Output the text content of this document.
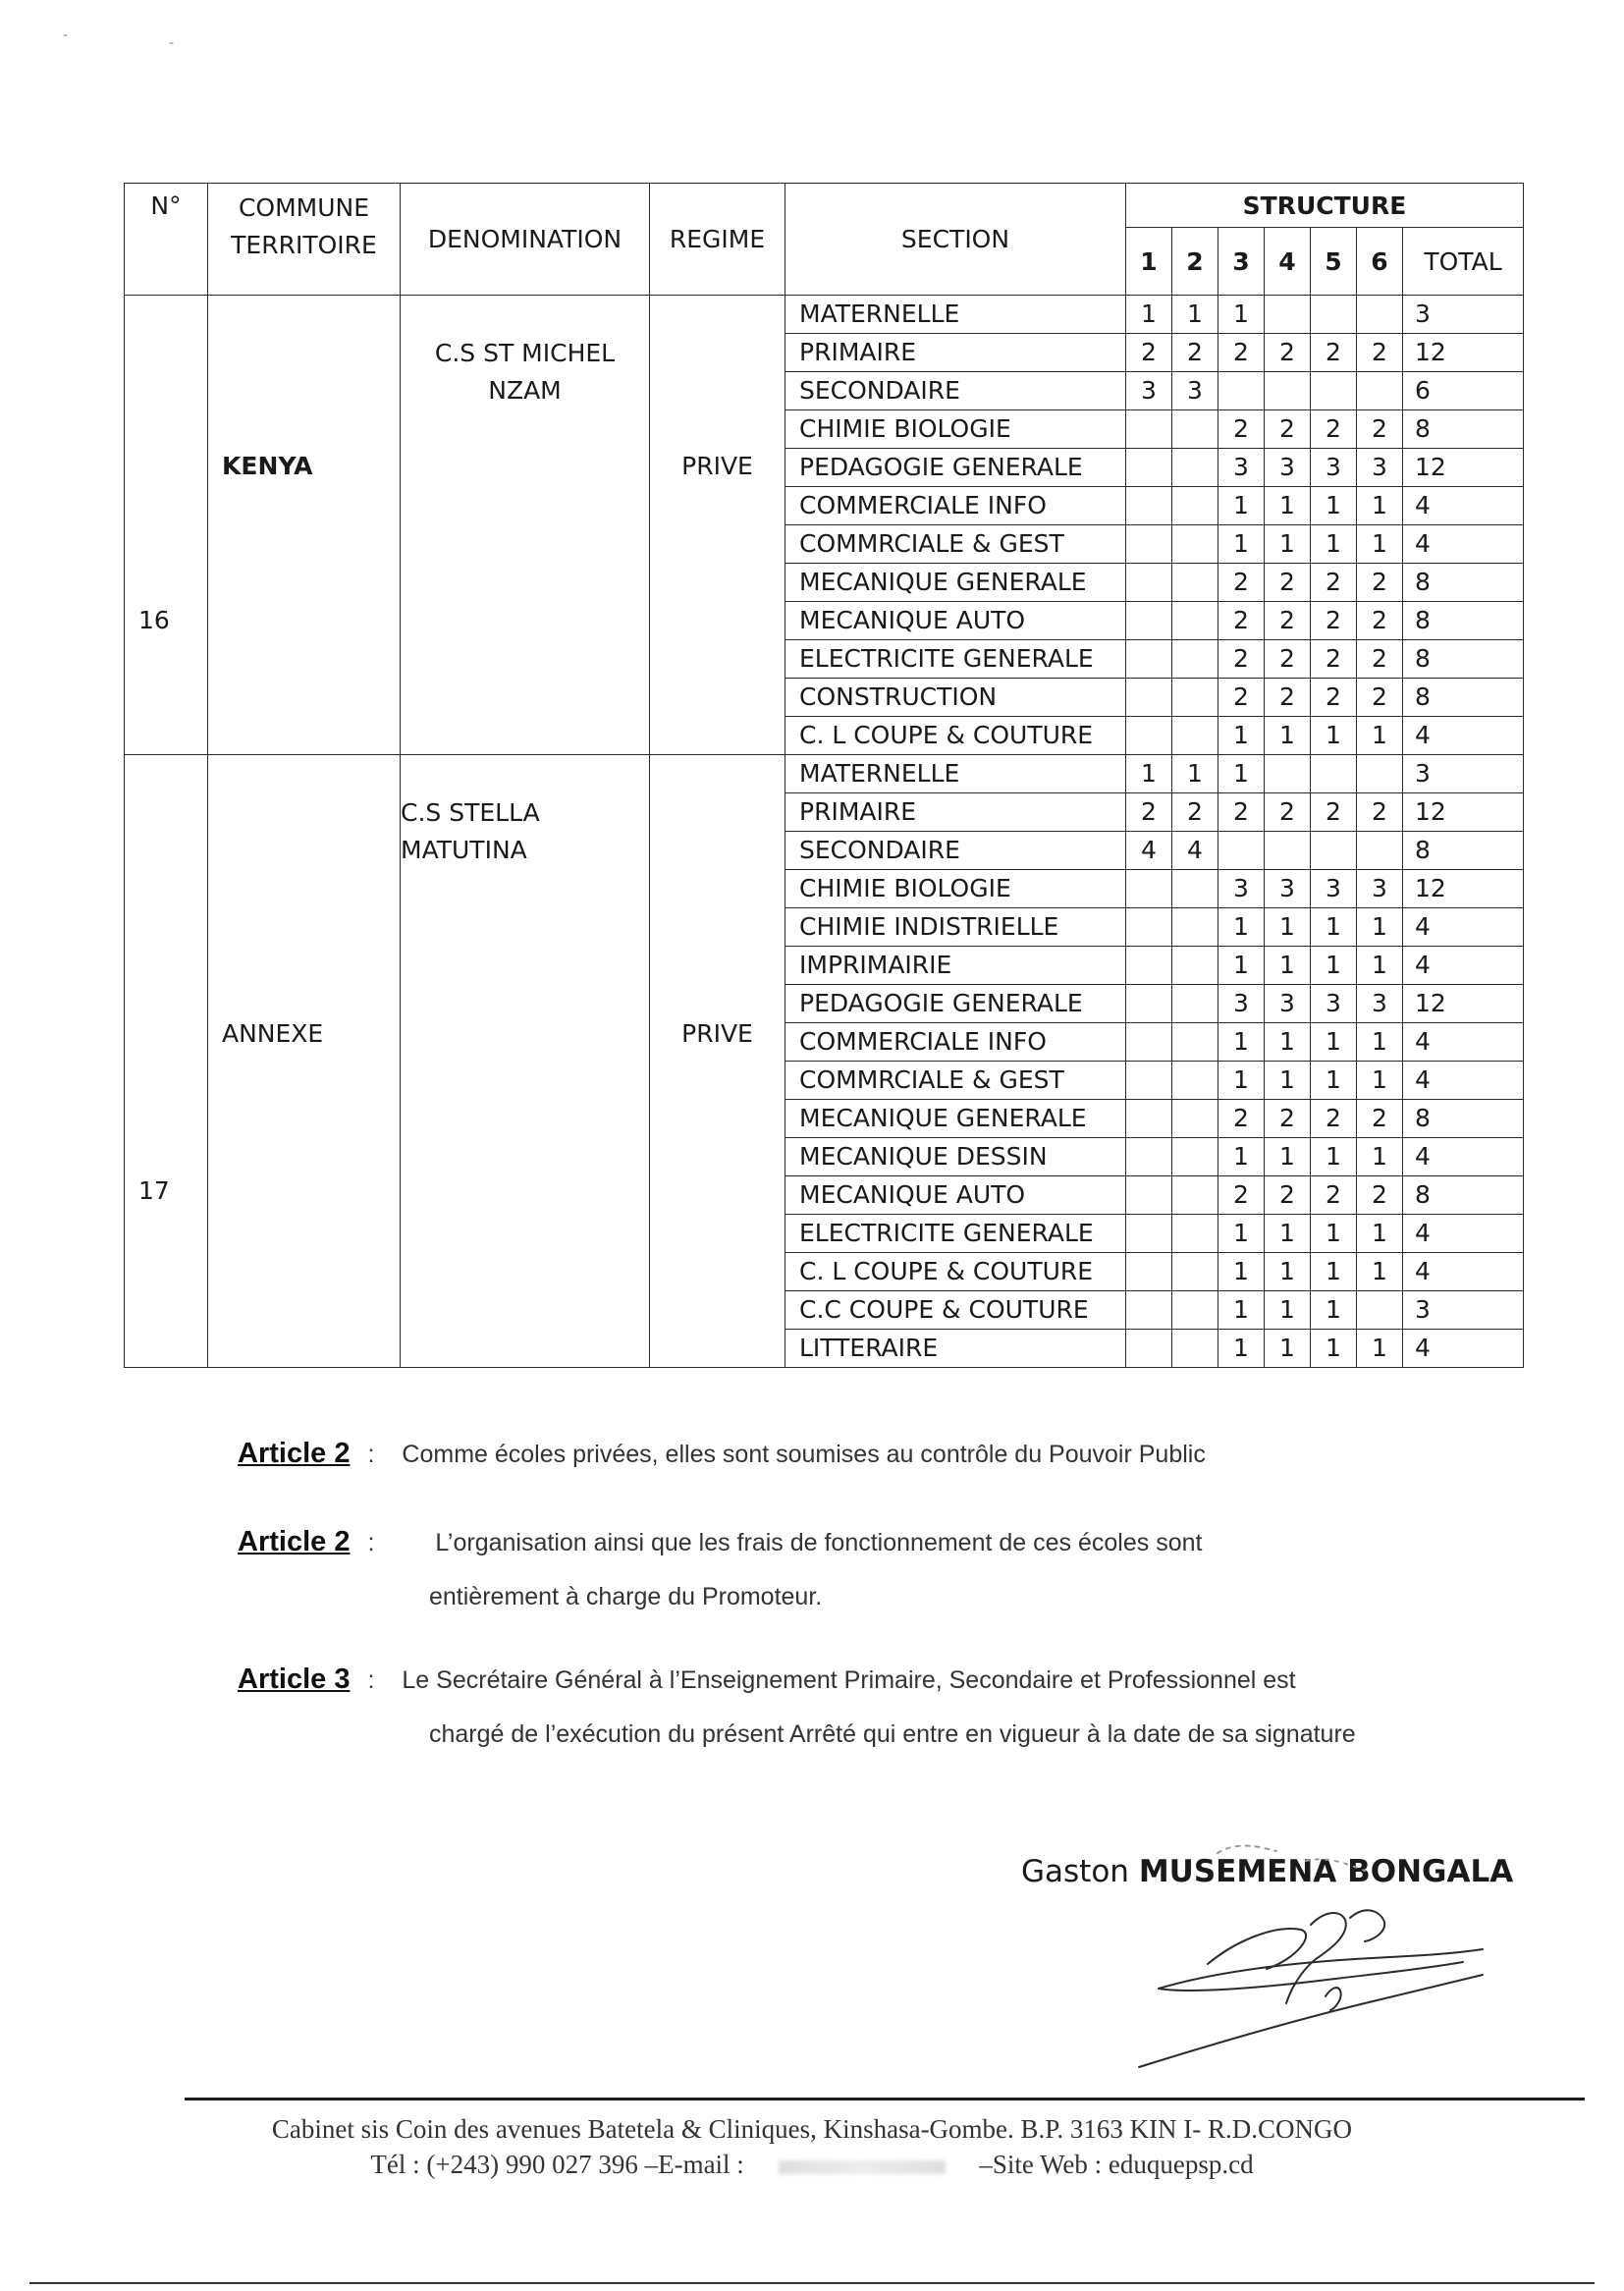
-	-
N°	COMMUNE TERRITOIRE	DENOMINATION	REGIME	SECTION	STRUCTURE						
					1	2	3	4	5	6	TOTAL

16	KENYA	C.S ST MICHEL NZAM	PRIVE	MATERNELLE	1	1	1				3
				PRIMAIRE	2	2	2	2	2	2	12
				SECONDAIRE	3	3					6
				CHIMIE BIOLOGIE			2	2	2	2	8
				PEDAGOGIE GENERALE			3	3	3	3	12
				COMMERCIALE INFO			1	1	1	1	4
				COMMRCIALE & GEST			1	1	1	1	4
				MECANIQUE GENERALE			2	2	2	2	8
				MECANIQUE AUTO			2	2	2	2	8
				ELECTRICITE GENERALE			2	2	2	2	8
				CONSTRUCTION			2	2	2	2	8
				C. L COUPE & COUTURE			1	1	1	1	4

17	ANNEXE	C.S STELLA MATUTINA	PRIVE	MATERNELLE	1	1	1				3
				PRIMAIRE	2	2	2	2	2	2	12
				SECONDAIRE	4	4					8
				CHIMIE BIOLOGIE			3	3	3	3	12
				CHIMIE INDISTRIELLE			1	1	1	1	4
				IMPRIMAIRIE			1	1	1	1	4
				PEDAGOGIE GENERALE			3	3	3	3	12
				COMMERCIALE INFO			1	1	1	1	4
				COMMRCIALE & GEST			1	1	1	1	4
				MECANIQUE GENERALE			2	2	2	2	8
				MECANIQUE DESSIN			1	1	1	1	4
				MECANIQUE AUTO			2	2	2	2	8
				ELECTRICITE GENERALE			1	1	1	1	4
				C. L COUPE & COUTURE			1	1	1	1	4
				C.C COUPE & COUTURE			1	1	1		3
				LITTERAIRE			1	1	1	1	4
Article 2 : Comme écoles privées, elles sont soumises au contrôle du Pouvoir Public
Article 2 : L’organisation ainsi que les frais de fonctionnement de ces écoles sont
entièrement à charge du Promoteur.
Article 3 : Le Secrétaire Général à l’Enseignement Primaire, Secondaire et Professionnel est
chargé de l’exécution du présent Arrêté qui entre en vigueur à la date de sa signature
Gaston MUSEMENA BONGALA
Cabinet sis Coin des avenues Batetela & Cliniques, Kinshasa-Gombe. B.P. 3163 KIN I- R.D.CONGO
Tél : (+243) 990 027 396 –E-mail :	–Site Web : eduquepsp.cd
